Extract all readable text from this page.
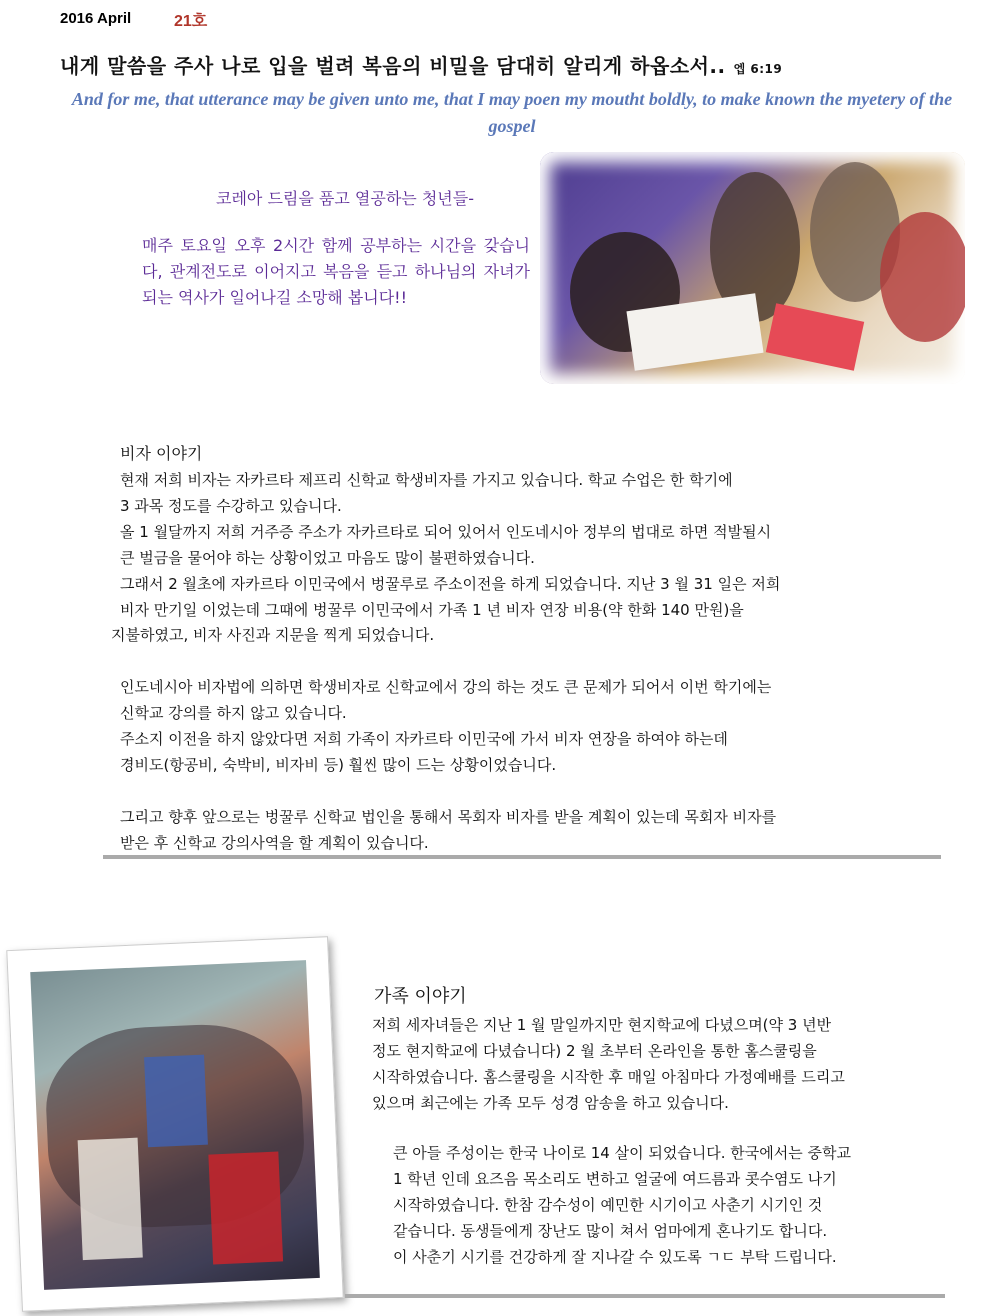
2016 April	21호
내게 말씀을 주사 나로 입을 벌려 복음의 비밀을 담대히 알리게 하옵소서.. 엡 6:19
And for me, that utterance may be given unto me, that I may poen my moutht boldly, to make known the myetery of the gospel
코레아 드림을 품고 열공하는 청년들-
매주 토요일 오후 2시간 함께 공부하는 시간을 갖습니다, 관계전도로 이어지고 복음을 듣고 하나님의 자녀가 되는 역사가 일어나길 소망해 봅니다!!
비자 이야기
현재 저희 비자는 자카르타 제프리 신학교 학생비자를 가지고 있습니다. 학교 수업은 한 학기에
3 과목 정도를 수강하고 있습니다.
올 1 월달까지 저희 거주증 주소가 자카르타로 되어 있어서 인도네시아 정부의 법대로 하면 적발될시
큰 벌금을 물어야 하는 상황이었고 마음도 많이 불편하였습니다.
그래서 2 월초에 자카르타 이민국에서 벙꿀루로 주소이전을 하게 되었습니다. 지난 3 월 31 일은 저희
비자 만기일 이었는데 그때에 벙꿀루 이민국에서 가족 1 년 비자 연장 비용(약 한화 140 만원)을
지불하였고, 비자 사진과 지문을 찍게 되었습니다.
인도네시아 비자법에 의하면 학생비자로 신학교에서 강의 하는 것도 큰 문제가 되어서 이번 학기에는
신학교 강의를 하지 않고 있습니다.
주소지 이전을 하지 않았다면 저희 가족이 자카르타 이민국에 가서 비자 연장을 하여야 하는데
경비도(항공비, 숙박비, 비자비 등) 훨씬 많이 드는 상황이었습니다.
그리고 향후 앞으로는 벙꿀루 신학교 법인을 통해서 목회자 비자를 받을 계획이 있는데 목회자 비자를
받은 후 신학교 강의사역을 할 계획이 있습니다.
가족 이야기
저희 세자녀들은 지난 1 월 말일까지만 현지학교에 다녔으며(약 3 년반
정도 현지학교에 다녔습니다) 2 월 초부터 온라인을 통한 홈스쿨링을
시작하였습니다. 홈스쿨링을 시작한 후 매일 아침마다 가정예배를 드리고
있으며 최근에는 가족 모두 성경 암송을 하고 있습니다.
큰 아들 주성이는 한국 나이로 14 살이 되었습니다. 한국에서는 중학교
1 학년 인데 요즈음 목소리도 변하고 얼굴에 여드름과 콧수염도 나기
시작하였습니다. 한참 감수성이 예민한 시기이고 사춘기 시기인 것
같습니다. 동생들에게 장난도 많이 쳐서 엄마에게 혼나기도 합니다.
이 사춘기 시기를 건강하게 잘 지나갈 수 있도록 ㄱㄷ 부탁 드립니다.
